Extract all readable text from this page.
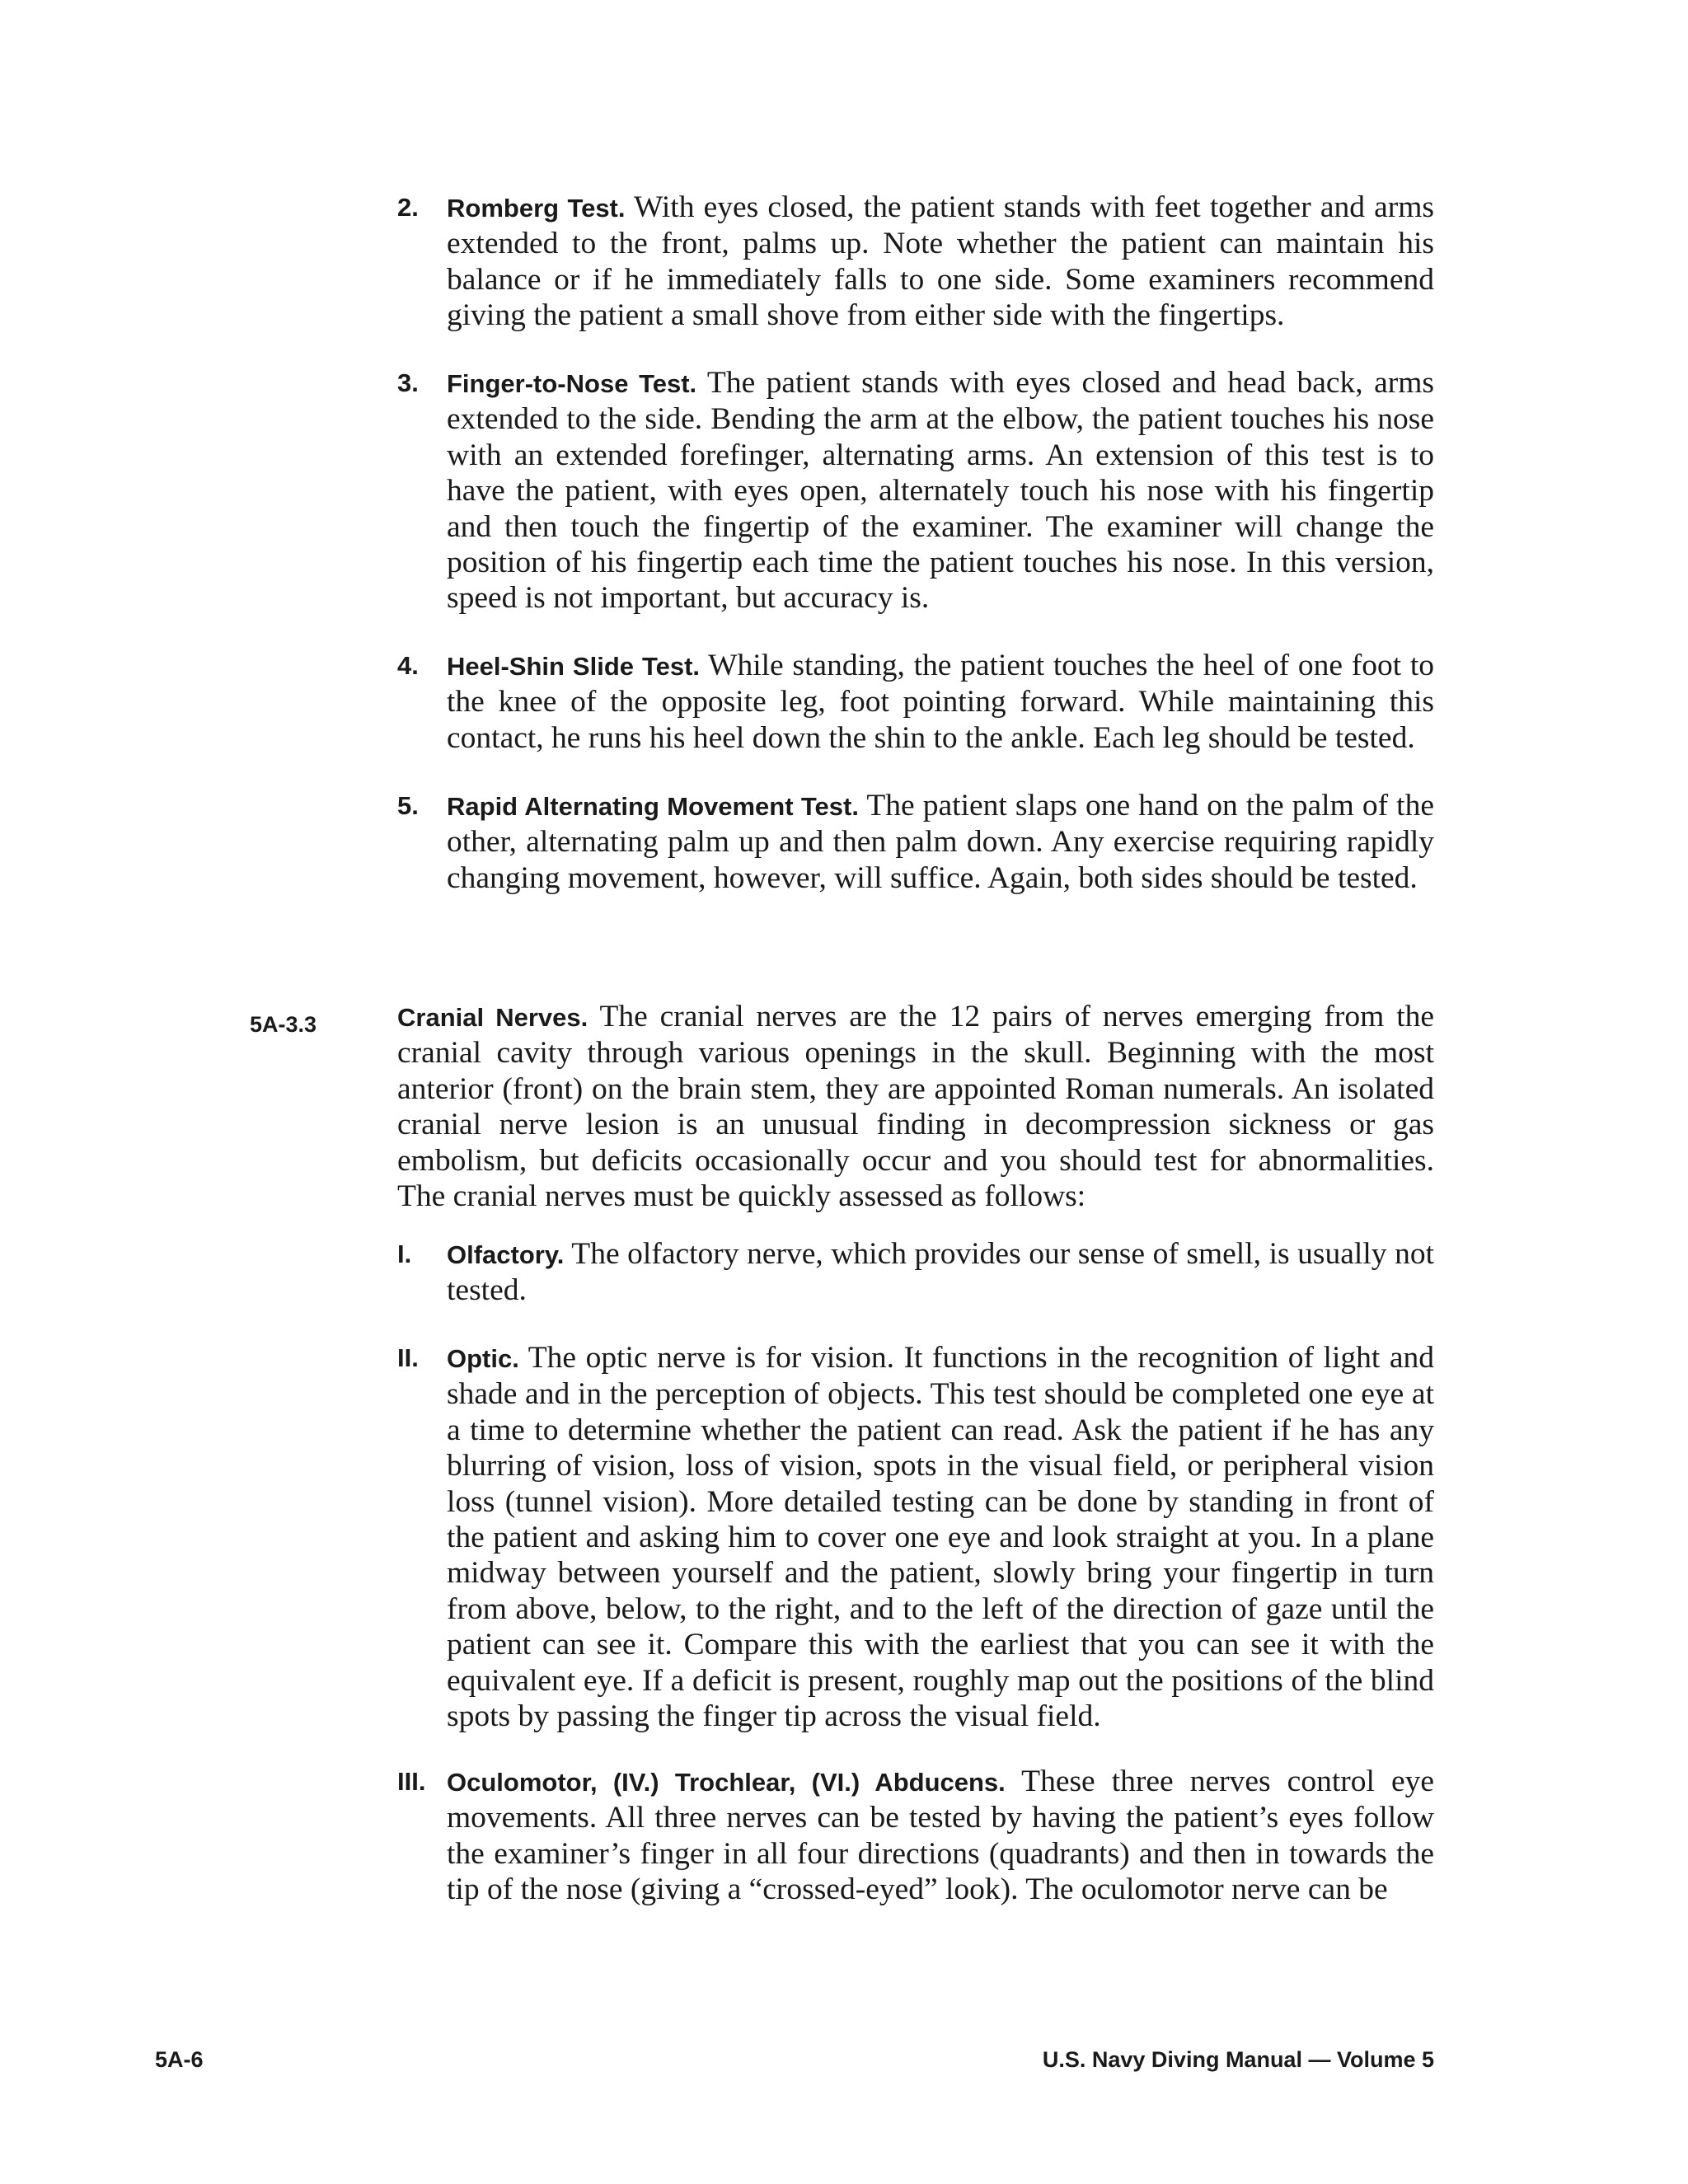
2. Romberg Test. With eyes closed, the patient stands with feet together and arms extended to the front, palms up. Note whether the patient can maintain his balance or if he immediately falls to one side. Some examiners recommend giving the patient a small shove from either side with the fingertips.
3. Finger-to-Nose Test. The patient stands with eyes closed and head back, arms extended to the side. Bending the arm at the elbow, the patient touches his nose with an extended forefinger, alternating arms. An extension of this test is to have the patient, with eyes open, alternately touch his nose with his fingertip and then touch the fingertip of the examiner. The examiner will change the position of his fingertip each time the patient touches his nose. In this version, speed is not important, but accuracy is.
4. Heel-Shin Slide Test. While standing, the patient touches the heel of one foot to the knee of the opposite leg, foot pointing forward. While maintaining this contact, he runs his heel down the shin to the ankle. Each leg should be tested.
5. Rapid Alternating Movement Test. The patient slaps one hand on the palm of the other, alternating palm up and then palm down. Any exercise requiring rapidly changing movement, however, will suffice. Again, both sides should be tested.
5A-3.3	Cranial Nerves. The cranial nerves are the 12 pairs of nerves emerging from the cranial cavity through various openings in the skull. Beginning with the most anterior (front) on the brain stem, they are appointed Roman numerals. An isolated cranial nerve lesion is an unusual finding in decompression sickness or gas embolism, but deficits occasionally occur and you should test for abnormalities. The cranial nerves must be quickly assessed as follows:
I. Olfactory. The olfactory nerve, which provides our sense of smell, is usually not tested.
II. Optic. The optic nerve is for vision. It functions in the recognition of light and shade and in the perception of objects. This test should be completed one eye at a time to determine whether the patient can read. Ask the patient if he has any blurring of vision, loss of vision, spots in the visual field, or peripheral vision loss (tunnel vision). More detailed testing can be done by standing in front of the patient and asking him to cover one eye and look straight at you. In a plane midway between yourself and the patient, slowly bring your fingertip in turn from above, below, to the right, and to the left of the direction of gaze until the patient can see it. Compare this with the earliest that you can see it with the equivalent eye. If a deficit is present, roughly map out the positions of the blind spots by passing the finger tip across the visual field.
III. Oculomotor, (IV.) Trochlear, (VI.) Abducens. These three nerves control eye movements. All three nerves can be tested by having the patient’s eyes follow the examiner’s finger in all four directions (quadrants) and then in towards the tip of the nose (giving a “crossed-eyed” look). The oculomotor nerve can be
5A-6	U.S. Navy Diving Manual — Volume 5
